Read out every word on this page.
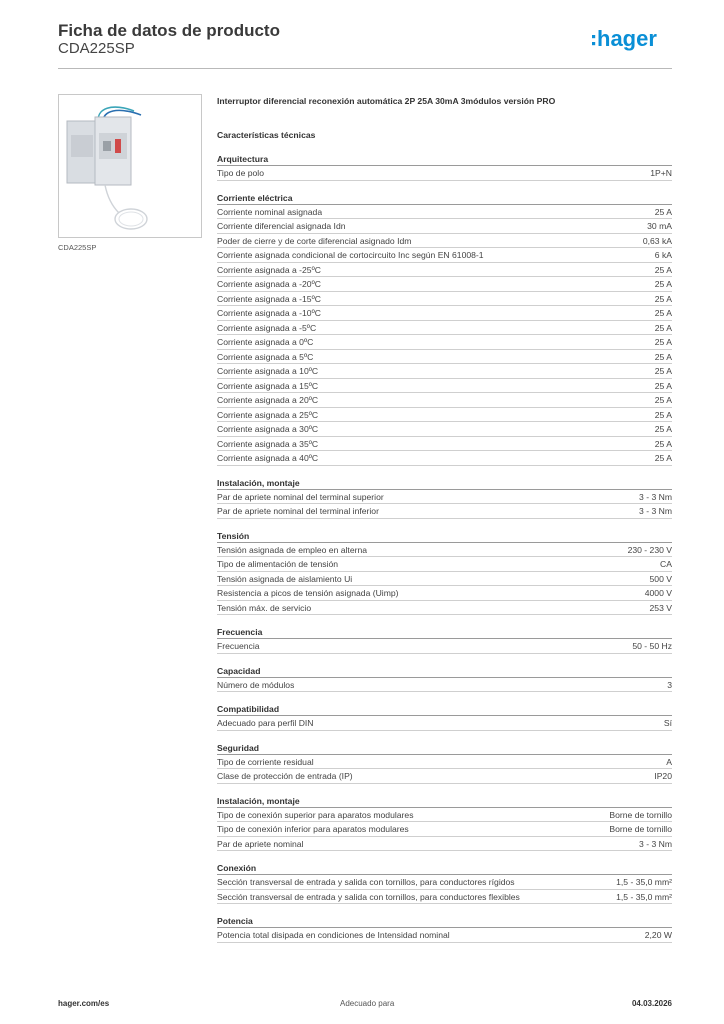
Ficha de datos de producto
CDA225SP	hager
CDA225SP
Interruptor diferencial reconexión automática 2P 25A 30mA 3módulos versión PRO
Características técnicas
Arquitectura
Tipo de polo	1P+N
Corriente eléctrica
Corriente nominal asignada	25 A
Corriente diferencial asignada Idn	30 mA
Poder de cierre y de corte diferencial asignado Idm	0,63 kA
Corriente asignada condicional de cortocircuito Inc según EN 61008-1	6 kA
Corriente asignada a -25ºC	25 A
Corriente asignada a -20ºC	25 A
Corriente asignada a -15ºC	25 A
Corriente asignada a -10ºC	25 A
Corriente asignada a -5ºC	25 A
Corriente asignada a 0ºC	25 A
Corriente asignada a 5ºC	25 A
Corriente asignada a 10ºC	25 A
Corriente asignada a 15ºC	25 A
Corriente asignada a 20ºC	25 A
Corriente asignada a 25ºC	25 A
Corriente asignada a 30ºC	25 A
Corriente asignada a 35ºC	25 A
Corriente asignada a 40ºC	25 A
Instalación, montaje
Par de apriete nominal del terminal superior	3 - 3 Nm
Par de apriete nominal del terminal inferior	3 - 3 Nm
Tensión
Tensión asignada de empleo en alterna	230 - 230 V
Tipo de alimentación de tensión	CA
Tensión asignada de aislamiento Ui	500 V
Resistencia a picos de tensión asignada (Uimp)	4000 V
Tensión máx. de servicio	253 V
Frecuencia
Frecuencia	50 - 50 Hz
Capacidad
Número de módulos	3
Compatibilidad
Adecuado para perfil DIN	Sí
Seguridad
Tipo de corriente residual	A
Clase de protección de entrada (IP)	IP20
Instalación, montaje
Tipo de conexión superior para aparatos modulares	Borne de tornillo
Tipo de conexión inferior para aparatos modulares	Borne de tornillo
Par de apriete nominal	3 - 3 Nm
Conexión
Sección transversal de entrada y salida con tornillos, para conductores rígidos	1,5 - 35,0 mm²
Sección transversal de entrada y salida con tornillos, para conductores flexibles	1,5 - 35,0 mm²
Potencia
Potencia total disipada en condiciones de Intensidad nominal	2,20 W
hager.com/es	Adecuado para	04.03.2026
